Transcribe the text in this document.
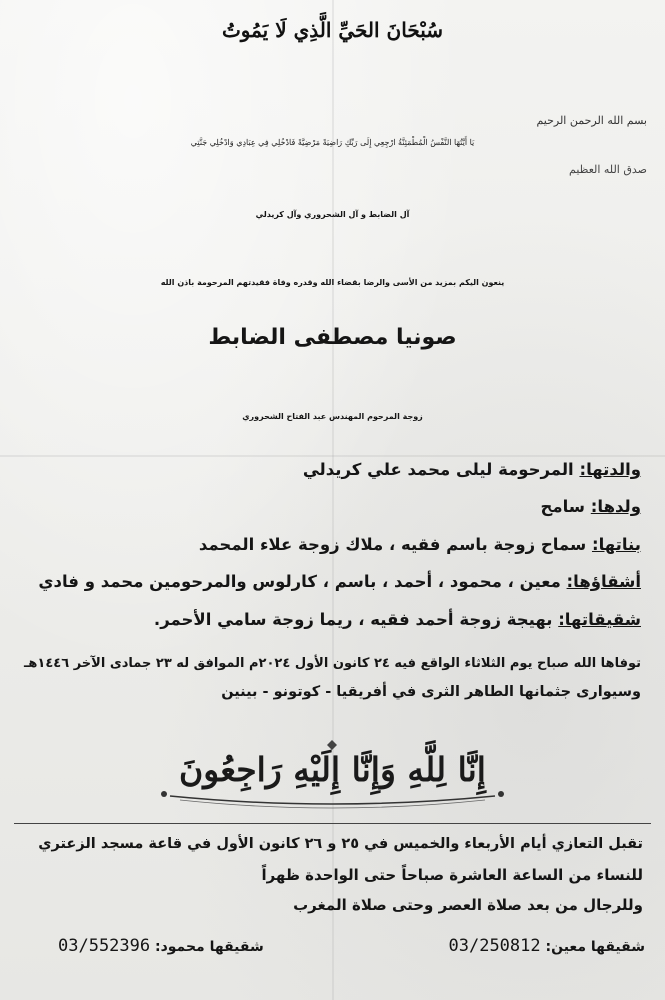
سُبْحَانَ الحَيِّ الَّذِي لَا يَمُوتُ
بسم الله الرحمن الرحيم
يَا أَيَّتُهَا النَّفْسُ الْمُطْمَئِنَّةُ ارْجِعِي إِلَى رَبِّكِ رَاضِيَةً مَرْضِيَّةً فَادْخُلِي فِي عِبَادِي وَادْخُلِي جَنَّتِي
صدق الله العظيم
آل الضابط و آل الشحروري وآل كريدلي
ينعون اليكم بمزيد من الأسى والرضا بقضاء الله وقدره وفاة فقيدتهم المرحومة باذن الله
صونيا مصطفى الضابط
زوجة المرحوم المهندس عبد الفتاح الشحروري
والدتها: المرحومة ليلى محمد علي كريدلي
ولدها: سامح
بناتها: سماح زوجة باسم فقيه ، ملاك زوجة علاء المحمد
أشقاؤها: معين ، محمود ، أحمد ، باسم ، كارلوس والمرحومين محمد و فادي
شقيقاتها: بهيجة زوجة أحمد فقيه ، ريما زوجة سامي الأحمر.
توفاها الله صباح يوم الثلاثاء الواقع فيه ٢٤ كانون الأول ٢٠٢٤م الموافق له ٢٣ جمادى الآخر ١٤٤٦هـ
وسيوارى جثمانها الطاهر الثرى في أفريقيا - كوتونو - بينين
إِنَّا لِلَّهِ وَإِنَّا إِلَيْهِ رَاجِعُونَ
تقبل التعازي أيام الأربعاء والخميس في ٢٥ و ٢٦ كانون الأول في قاعة مسجد الزعتري
للنساء من الساعة العاشرة صباحاً حتى الواحدة ظهراً
وللرجال من بعد صلاة العصر وحتى صلاة المغرب
شقيقها معين: 03/250812
شقيقها محمود: 03/552396
